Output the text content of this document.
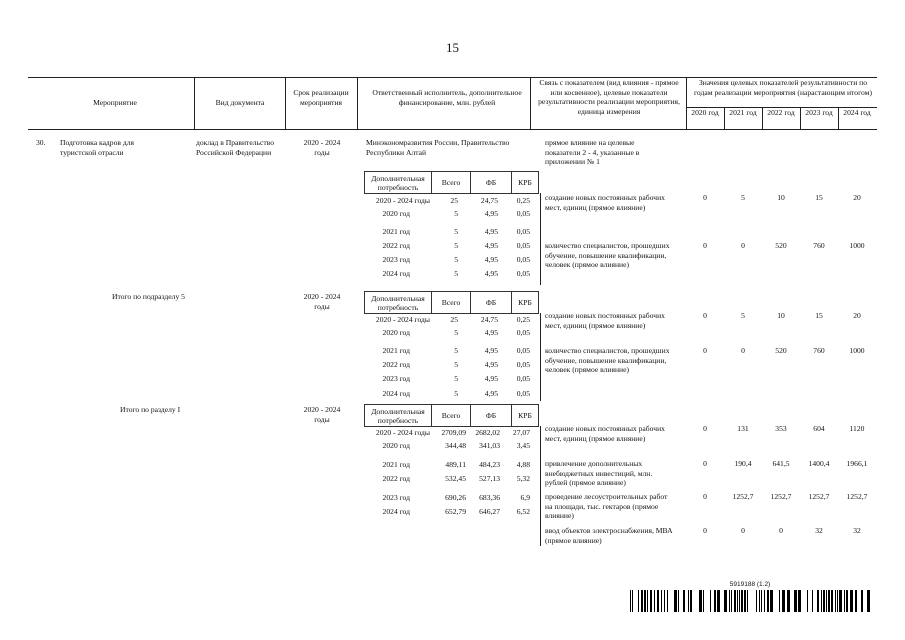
15
Мероприятие	Вид документа
Срок реализации мероприятия
Ответственный исполнитель, дополнительное финансирование, млн. рублей
Связь с показателем (вид влияния - прямое или косвенное), целевые показатели результативности реализации мероприятия, единица измерения
Значения целевых показателей результативности по годам реализации мероприятия (нарастающим итогом)
2020 год	2021 год	2022 год	2023 год	2024 год
30. Подготовка кадров для туристской отрасли
доклад в Правительство Российской Федерации
2020 - 2024 годы
Минэкономразвития России, Правительство Республики Алтай
прямое влияние на целевые показатели 2 - 4, указанные в приложении № 1
Дополнительная потребность	Всего	ФБ	КРБ
2020 - 2024 годы	25	24,75	0,25
2020 год	5	4,95	0,05
2021 год	5	4,95	0,05
2022 год	5	4,95	0,05
2023 год	5	4,95	0,05
2024 год	5	4,95	0,05
создание новых постоянных рабочих мест, единиц (прямое влияние)
0	5	10	15	20
количество специалистов, прошедших обучение, повышение квалификации, человек (прямое влияние)
0	0	520	760	1000
Итого по подразделу 5	2020 - 2024 годы
Дополнительная потребность	Всего	ФБ	КРБ
2020 - 2024 годы	25	24,75	0,25
2020 год	5	4,95	0,05
2021 год	5	4,95	0,05
2022 год	5	4,95	0,05
2023 год	5	4,95	0,05
2024 год	5	4,95	0,05
создание новых постоянных рабочих мест, единиц (прямое влияние)
0	5	10	15	20
количество специалистов, прошедших обучение, повышение квалификации, человек (прямое влияние)
0	0	520	760	1000
Итого по разделу I	2020 - 2024 годы
Дополнительная потребность	Всего	ФБ	КРБ
2020 - 2024 годы	2709,09	2682,02	27,07
2020 год	344,48	341,03	3,45
2021 год	489,11	484,23	4,88
2022 год	532,45	527,13	5,32
2023 год	690,26	683,36	6,9
2024 год	652,79	646,27	6,52
создание новых постоянных рабочих мест, единиц (прямое влияние)
0	131	353	604	1120
привлечение дополнительных внебюджетных инвестиций, млн. рублей (прямое влияние)
0	190,4	641,5	1400,4	1966,1
проведение лесоустроительных работ на площади, тыс. гектаров (прямое влияние)
0	1252,7	1252,7	1252,7	1252,7
ввод объектов электроснабжения, МВА (прямое влияние)
0	0	0	32	32
5919188 (1.2)
